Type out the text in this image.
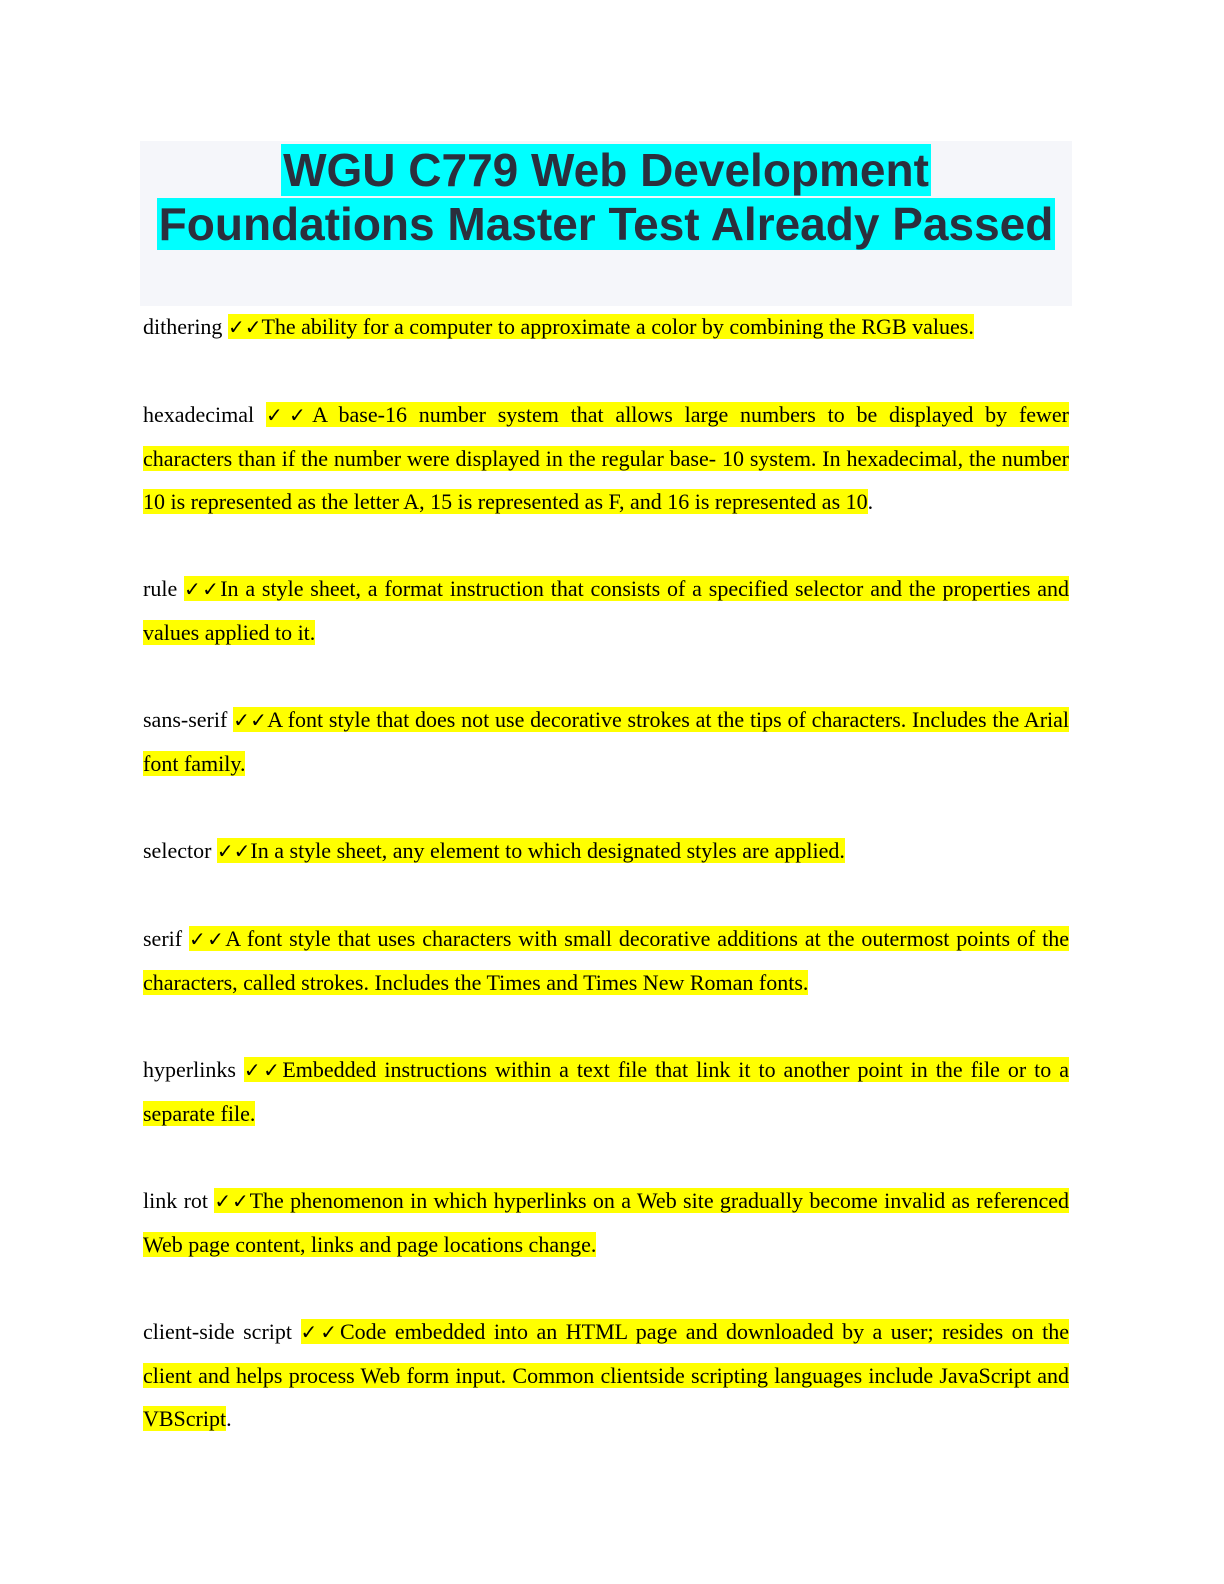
WGU C779 Web Development
Foundations Master Test Already Passed

dithering ✓✓The ability for a computer to approximate a color by combining the RGB values.

hexadecimal ✓✓A base-16 number system that allows large numbers to be displayed by fewer characters than if the number were displayed in the regular base- 10 system. In hexadecimal, the number 10 is represented as the letter A, 15 is represented as F, and 16 is represented as 10.

rule ✓✓In a style sheet, a format instruction that consists of a specified selector and the properties and values applied to it.

sans-serif ✓✓A font style that does not use decorative strokes at the tips of characters. Includes the Arial font family.

selector ✓✓In a style sheet, any element to which designated styles are applied.

serif ✓✓A font style that uses characters with small decorative additions at the outermost points of the characters, called strokes. Includes the Times and Times New Roman fonts.

hyperlinks ✓✓Embedded instructions within a text file that link it to another point in the file or to a separate file.

link rot ✓✓The phenomenon in which hyperlinks on a Web site gradually become invalid as referenced Web page content, links and page locations change.

client-side script ✓✓Code embedded into an HTML page and downloaded by a user; resides on the client and helps process Web form input. Common clientside scripting languages include JavaScript and VBScript.
